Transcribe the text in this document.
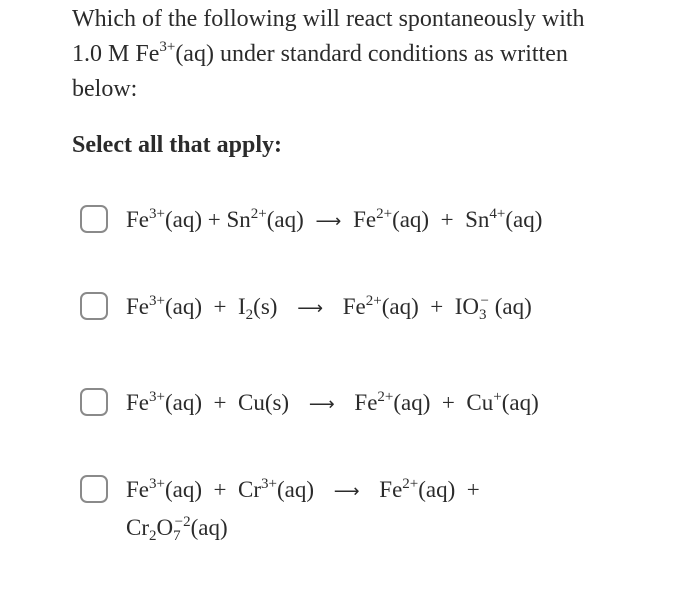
Which of the following will react spontaneously with
1.0 M $Fe^{3+}(aq)$ under standard conditions as written
below:
Select all that apply:
$Fe^{3+}(aq) + Sn^{2+}(aq)$ ⟶ $Fe^{2+}(aq) + Sn^{4+}(aq)$
$Fe^{3+}(aq) + I_2(s)$ ⟶ $Fe^{2+}(aq) + IO_3^-$ (aq)
$Fe^{3+}(aq) + Cu(s)$ ⟶ $Fe^{2+}(aq) + Cu^+(aq)$
$Fe^{3+}(aq) + Cr^{3+}(aq)$ ⟶ $Fe^{2+}(aq)$ +
$Cr_2O_7^{-2}(aq)$
